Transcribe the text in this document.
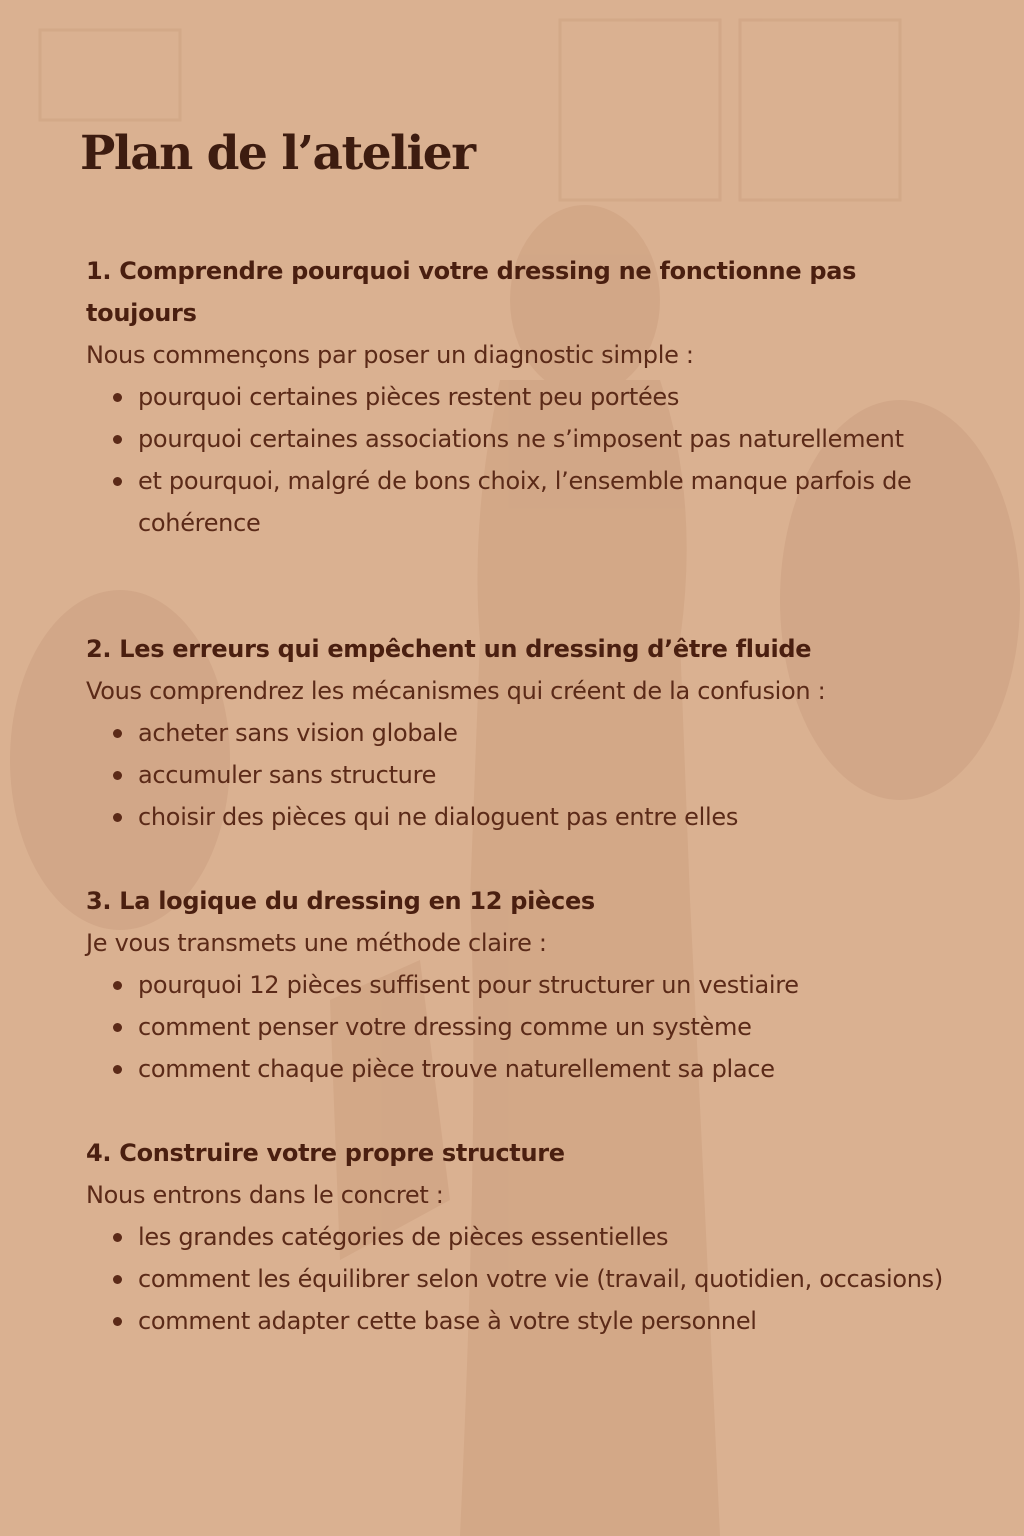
Plan de l’atelier

1. Comprendre pourquoi votre dressing ne fonctionne pas toujours

Nous commençons par poser un diagnostic simple :

pourquoi certaines pièces restent peu portées
pourquoi certaines associations ne s’imposent pas naturellement
et pourquoi, malgré de bons choix, l’ensemble manque parfois de cohérence

2. Les erreurs qui empêchent un dressing d’être fluide

Vous comprendrez les mécanismes qui créent de la confusion :

acheter sans vision globale
accumuler sans structure
choisir des pièces qui ne dialoguent pas entre elles

3. La logique du dressing en 12 pièces

Je vous transmets une méthode claire :

pourquoi 12 pièces suffisent pour structurer un vestiaire
comment penser votre dressing comme un système
comment chaque pièce trouve naturellement sa place

4. Construire votre propre structure

Nous entrons dans le concret :

les grandes catégories de pièces essentielles
comment les équilibrer selon votre vie (travail, quotidien, occasions)
comment adapter cette base à votre style personnel
